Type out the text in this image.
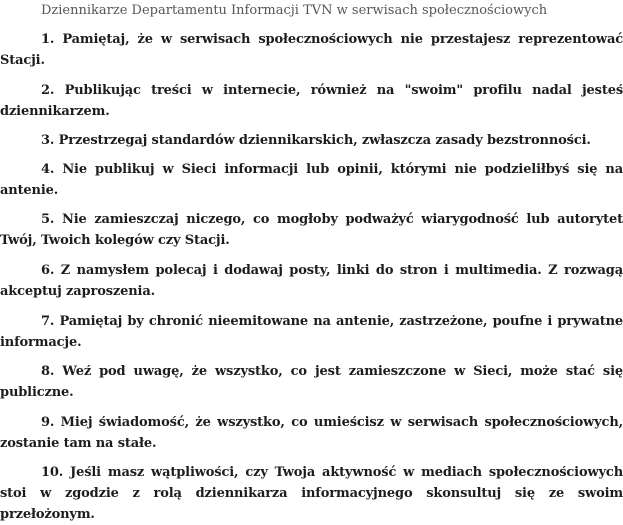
Dziennikarze Departamentu Informacji TVN w serwisach społecznościowych

1. Pamiętaj, że w serwisach społecznościowych nie przestajesz reprezentować Stacji.

2. Publikując treści w internecie, również na "swoim" profilu nadal jesteś dziennikarzem.

3. Przestrzegaj standardów dziennikarskich, zwłaszcza zasady bezstronności.

4. Nie publikuj w Sieci informacji lub opinii, którymi nie podzieliłbyś się na antenie.

5. Nie zamieszczaj niczego, co mogłoby podważyć wiarygodność lub autorytet Twój, Twoich kolegów czy Stacji.

6. Z namysłem polecaj i dodawaj posty, linki do stron i multimedia. Z rozwagą akceptuj zaproszenia.

7. Pamiętaj by chronić nieemitowane na antenie, zastrzeżone, poufne i prywatne informacje.

8. Weź pod uwagę, że wszystko, co jest zamieszczone w Sieci, może stać się publiczne.

9. Miej świadomość, że wszystko, co umieścisz w serwisach społecznościowych, zostanie tam na stałe.

10. Jeśli masz wątpliwości, czy Twoja aktywność w mediach społecznościowych stoi w zgodzie z rolą dziennikarza informacyjnego skonsultuj się ze swoim przełożonym.
